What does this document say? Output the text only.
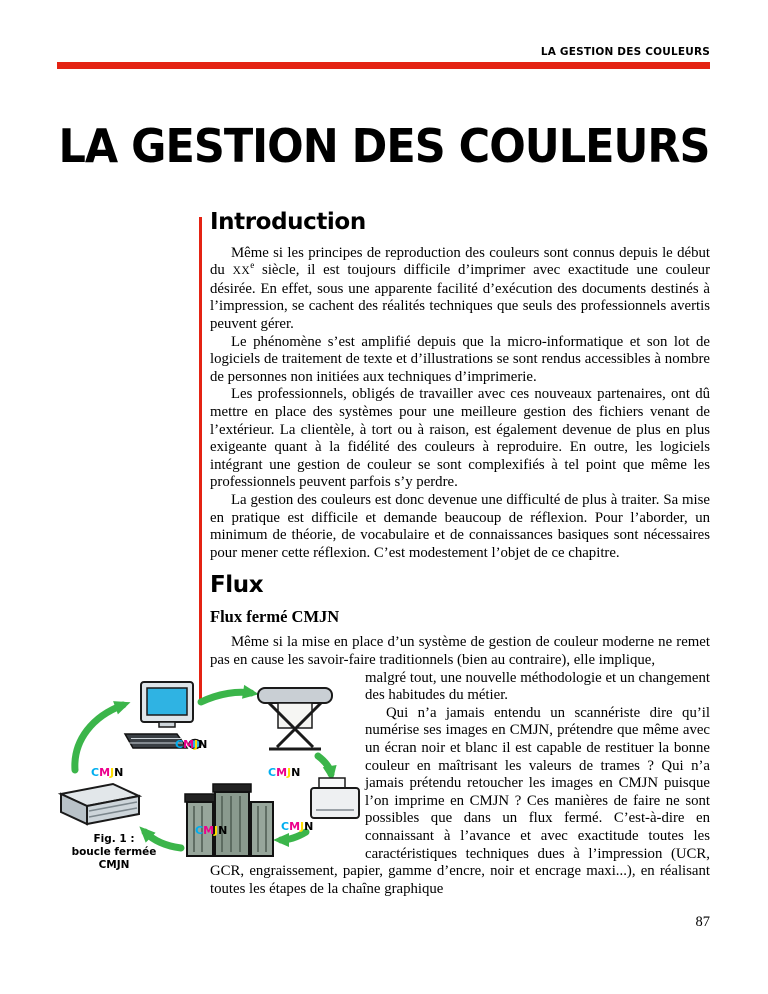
LA GESTION DES COULEURS
LA GESTION DES COULEURS
Introduction

Même si les principes de reproduction des couleurs sont connus depuis le début du XXe siècle, il est toujours difficile d’imprimer avec exactitude une couleur désirée. En effet, sous une apparente facilité d’exécution des documents destinés à l’impression, se cachent des réalités techniques que seuls des professionnels avertis peuvent gérer.

Le phénomène s’est amplifié depuis que la micro-informatique et son lot de logiciels de traitement de texte et d’illustrations se sont rendus accessibles à nombre de personnes non initiées aux techniques d’imprimerie.

Les professionnels, obligés de travailler avec ces nouveaux partenaires, ont dû mettre en place des systèmes pour une meilleure gestion des fichiers venant de l’extérieur. La clientèle, à tort ou à raison, est également devenue de plus en plus exigeante quant à la fidélité des couleurs à reproduire. En outre, les logiciels intégrant une gestion de couleur se sont complexifiés à tel point que même les professionnels peuvent parfois s’y perdre.

La gestion des couleurs est donc devenue une difficulté de plus à traiter. Sa mise en pratique est difficile et demande beaucoup de réflexion. Pour l’aborder, un minimum de théorie, de vocabulaire et de connaissances basiques sont nécessaires pour mener cette réflexion. C’est modestement l’objet de ce chapitre.

Flux
Flux fermé CMJN

Même si la mise en place d’un système de gestion de couleur moderne ne remet pas en cause les savoir-faire traditionnels (bien au contraire), elle implique,

CMJN
CMJN
CMJN
CMJN	CMJN
Fig. 1 :
boucle fermée CMJN

malgré tout, une nouvelle méthodologie et un changement des habitudes du métier.

Qui n’a jamais entendu un scannériste dire qu’il numérise ses images en CMJN, prétendre que même avec un écran noir et blanc il est capable de restituer la bonne couleur en maîtrisant les valeurs de trames ? Qui n’a jamais prétendu retoucher les images en CMJN puisque l’on imprime en CMJN ? Ces manières de faire ne sont possibles que dans un flux fermé. C’est-à-dire en connaissant à l’avance et avec exactitude toutes les caractéristiques techniques dues à l’impression (UCR, GCR, engraissement, papier, gamme d’encre, noir et encrage maxi...), en réalisant toutes les étapes de la chaîne graphique

87
